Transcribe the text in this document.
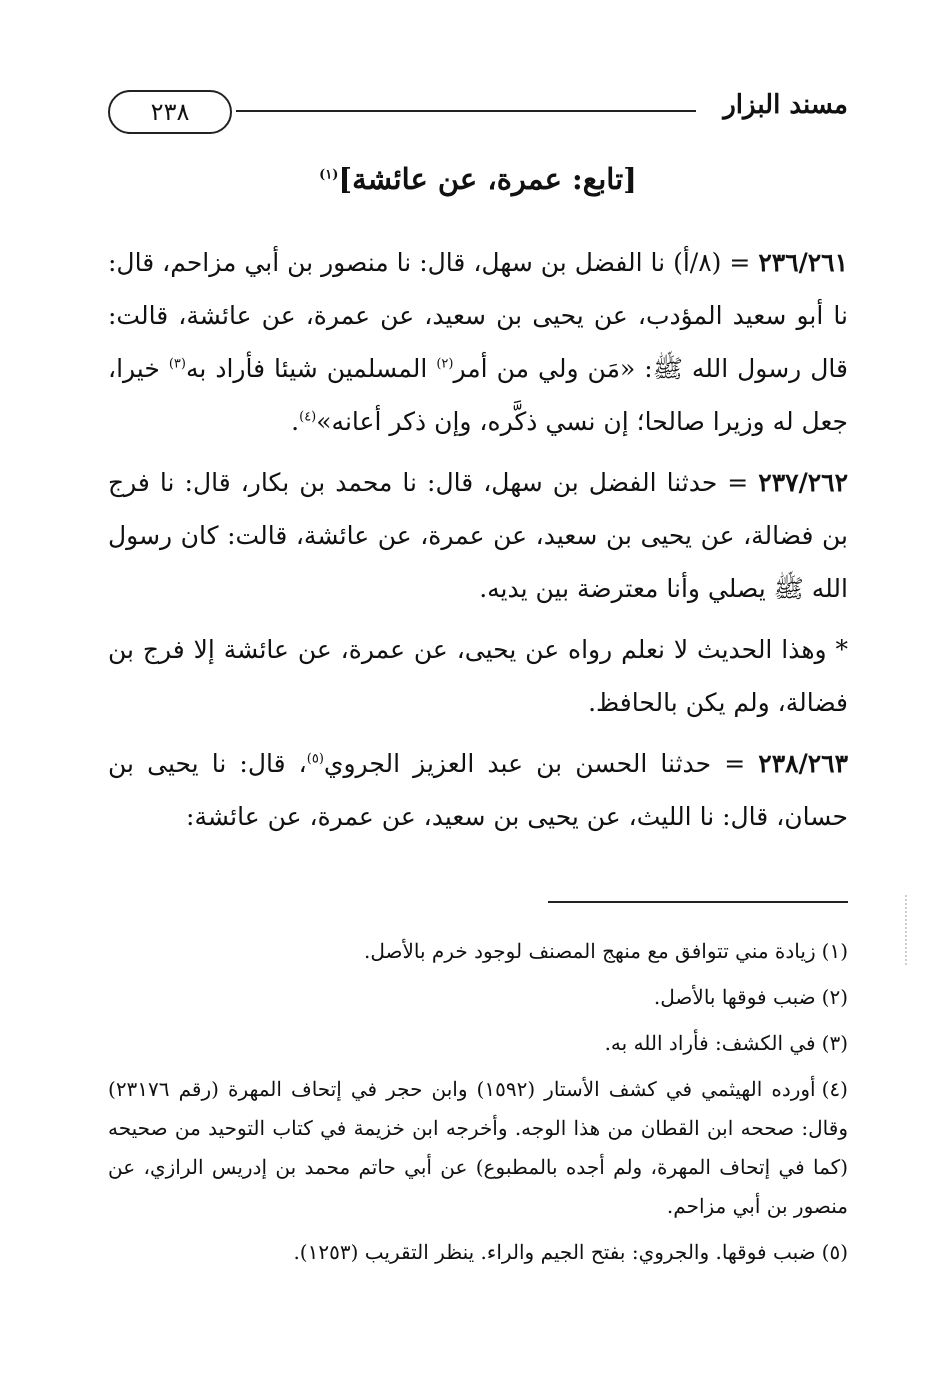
٢٣٨	مسند البزار
[تابع: عمرة، عن عائشة]$^{(١)}$

٢٣٦/٢٦١ = (٨/أ) نا الفضل بن سهل، قال: نا منصور بن أبي مزاحم، قال: نا أبو سعيد المؤدب، عن يحيى بن سعيد، عن عمرة، عن عائشة، قالت: قال رسول الله ﷺ: «مَن ولي من أمر$^{(٢)}$ المسلمين شيئا فأراد به$^{(٣)}$ خيرا، جعل له وزيرا صالحا؛ إن نسي ذكَّره، وإن ذكر أعانه»$^{(٤)}$.

٢٣٧/٢٦٢ = حدثنا الفضل بن سهل، قال: نا محمد بن بكار، قال: نا فرج بن فضالة، عن يحيى بن سعيد، عن عمرة، عن عائشة، قالت: كان رسول الله ﷺ يصلي وأنا معترضة بين يديه.

* وهذا الحديث لا نعلم رواه عن يحيى، عن عمرة، عن عائشة إلا فرج بن فضالة، ولم يكن بالحافظ.

٢٣٨/٢٦٣ = حدثنا الحسن بن عبد العزيز الجروي$^{(٥)}$، قال: نا يحيى بن حسان، قال: نا الليث، عن يحيى بن سعيد، عن عمرة، عن عائشة:

(١)زيادة مني تتوافق مع منهج المصنف لوجود خرم بالأصل.

(٢)ضبب فوقها بالأصل.

(٣)في الكشف: فأراد الله به.

(٤)أورده الهيثمي في كشف الأستار (١٥٩٢) وابن حجر في إتحاف المهرة (رقم ٢٣١٧٦) وقال: صححه ابن القطان من هذا الوجه. وأخرجه ابن خزيمة في كتاب التوحيد من صحيحه (كما في إتحاف المهرة، ولم أجده بالمطبوع) عن أبي حاتم محمد بن إدريس الرازي، عن منصور بن أبي مزاحم.

(٥)ضبب فوقها. والجروي: بفتح الجيم والراء. ينظر التقريب (١٢٥٣).
